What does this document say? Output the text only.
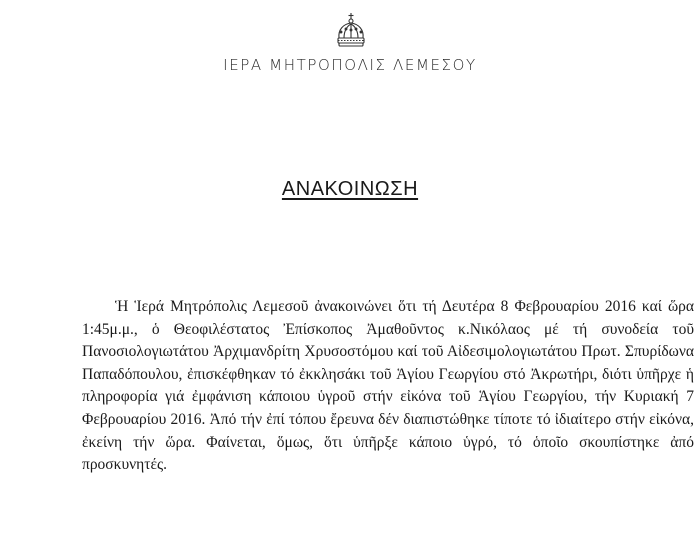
ΙΕΡΑ ΜΗΤΡΟΠΟΛΙΣ ΛΕΜΕΣΟΥ
ΑΝΑΚΟΙΝΩΣΗ

Ἡ Ἱερά Μητρόπολις Λεμεσοῦ ἀνακοινώνει ὅτι τή Δευτέρα 8 Φεβρουαρίου 2016 καί ὥρα 1:45μ.μ., ὁ Θεοφιλέστατος Ἐπίσκοπος Ἀμαθοῦντος κ.Νικόλαος μέ τή συνοδεία τοῦ Πανοσιολογιωτάτου Ἀρχιμανδρίτη Χρυσοστόμου καί τοῦ Αἰδεσιμολογιωτάτου Πρωτ. Σπυρίδωνα Παπαδόπουλου, ἐπισκέφθηκαν τό ἐκκλησάκι τοῦ Ἁγίου Γεωργίου στό Ἀκρωτήρι, διότι ὑπῆρχε ἡ πληροφορία γιά ἐμφάνιση κάποιου ὑγροῦ στήν εἰκόνα τοῦ Ἁγίου Γεωργίου, τήν Κυριακή 7 Φεβρουαρίου 2016. Ἀπό τήν ἐπί τόπου ἔρευνα δέν διαπιστώθηκε τίποτε τό ἰδιαίτερο στήν εἰκόνα, ἐκείνη τήν ὥρα. Φαίνεται, ὅμως, ὅτι ὑπῆρξε κάποιο ὑγρό, τό ὁποῖο σκουπίστηκε ἀπό προσκυνητές.
